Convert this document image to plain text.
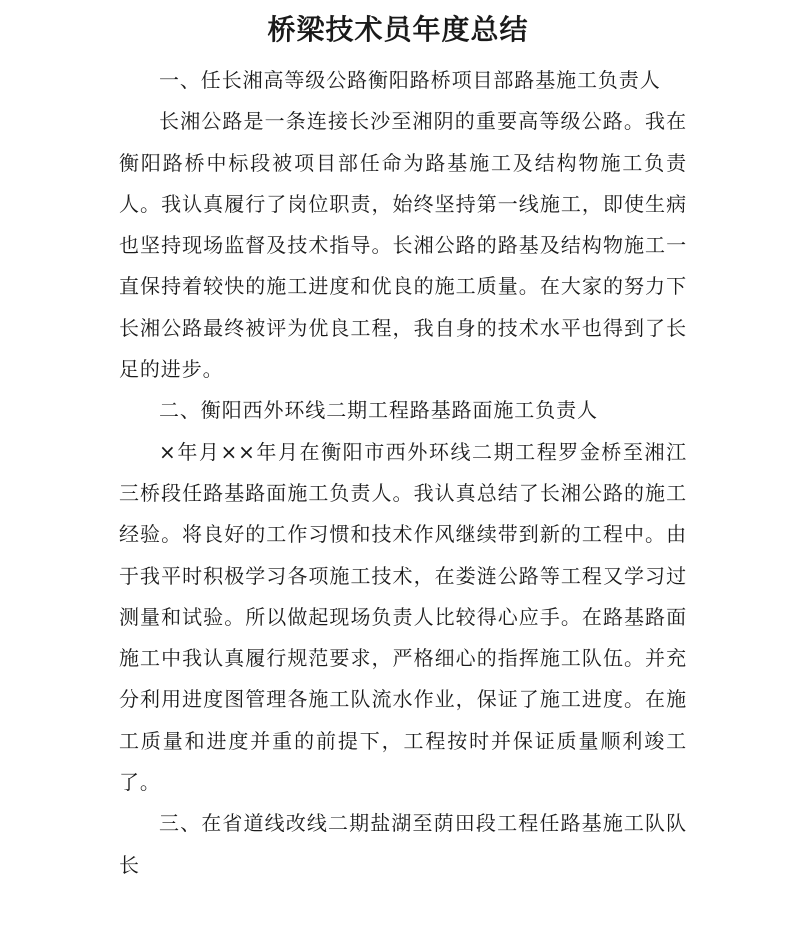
桥梁技术员年度总结

一、任长湘高等级公路衡阳路桥项目部路基施工负责人

长湘公路是一条连接长沙至湘阴的重要高等级公路。我在衡阳路桥中标段被项目部任命为路基施工及结构物施工负责人。我认真履行了岗位职责，始终坚持第一线施工，即使生病也坚持现场监督及技术指导。长湘公路的路基及结构物施工一直保持着较快的施工进度和优良的施工质量。在大家的努力下长湘公路最终被评为优良工程，我自身的技术水平也得到了长足的进步。

二、衡阳西外环线二期工程路基路面施工负责人

×年月××年月在衡阳市西外环线二期工程罗金桥至湘江三桥段任路基路面施工负责人。我认真总结了长湘公路的施工经验。将良好的工作习惯和技术作风继续带到新的工程中。由于我平时积极学习各项施工技术，在娄涟公路等工程又学习过测量和试验。所以做起现场负责人比较得心应手。在路基路面施工中我认真履行规范要求，严格细心的指挥施工队伍。并充分利用进度图管理各施工队流水作业，保证了施工进度。在施工质量和进度并重的前提下，工程按时并保证质量顺利竣工了。

三、在省道线改线二期盐湖至荫田段工程任路基施工队队长
